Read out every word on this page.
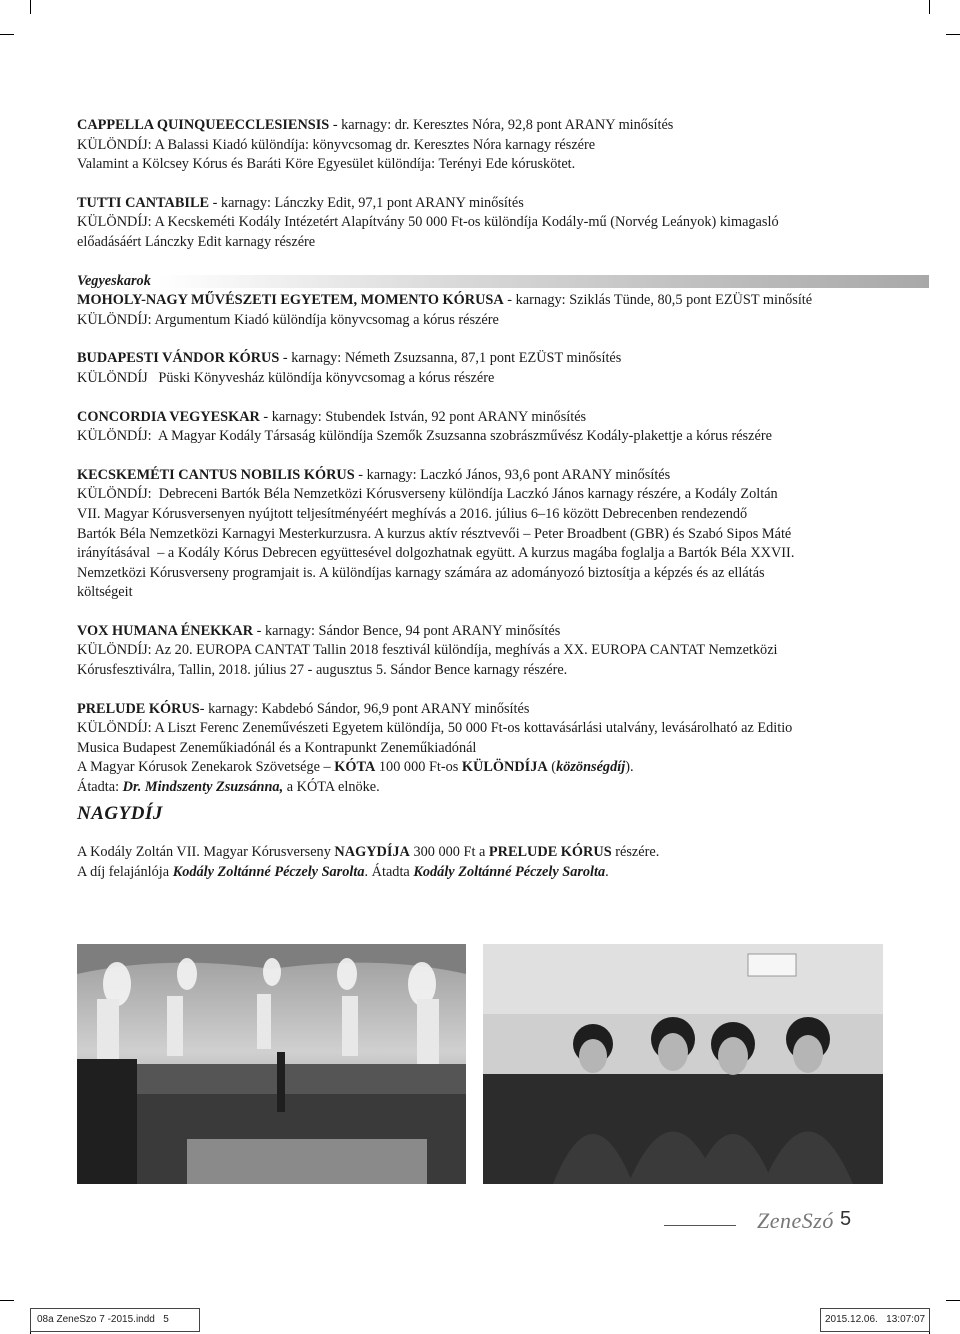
CAPPELLA QUINQUEECCLESIENSIS - karnagy: dr. Keresztes Nóra, 92,8 pont ARANY minősítés

KÜLÖNDÍJ: A Balassi Kiadó különdíja: könyvcsomag dr. Keresztes Nóra karnagy részére

Valamint a Kölcsey Kórus és Baráti Köre Egyesület különdíja: Terényi Ede kóruskötet.

TUTTI CANTABILE - karnagy: Lánczky Edit, 97,1 pont ARANY minősítés

KÜLÖNDÍJ: A Kecskeméti Kodály Intézetért Alapítvány 50 000 Ft-os különdíja Kodály-mű (Norvég Leányok) kimagasló

előadásáért Lánczky Edit karnagy részére

Vegyeskarok

MOHOLY-NAGY MŰVÉSZETI EGYETEM, MOMENTO KÓRUSA - karnagy: Sziklás Tünde, 80,5 pont EZÜST minősíté

KÜLÖNDÍJ: Argumentum Kiadó különdíja könyvcsomag a kórus részére

BUDAPESTI VÁNDOR KÓRUS - karnagy: Németh Zsuzsanna, 87,1 pont EZÜST minősítés

KÜLÖNDÍJ   Püski Könyvesház különdíja könyvcsomag a kórus részére

CONCORDIA VEGYESKAR - karnagy: Stubendek István, 92 pont ARANY minősítés

KÜLÖNDÍJ:  A Magyar Kodály Társaság különdíja Szemők Zsuzsanna szobrászművész Kodály-plakettje a kórus részére

KECSKEMÉTI CANTUS NOBILIS KÓRUS - karnagy: Laczkó János, 93,6 pont ARANY minősítés

KÜLÖNDÍJ:  Debreceni Bartók Béla Nemzetközi Kórusverseny különdíja Laczkó János karnagy részére, a Kodály Zoltán

VII. Magyar Kórusversenyen nyújtott teljesítményéért meghívás a 2016. július 6–16 között Debrecenben rendezendő

Bartók Béla Nemzetközi Karnagyi Mesterkurzusra. A kurzus aktív résztvevői – Peter Broadbent (GBR) és Szabó Sipos Máté

irányításával  – a Kodály Kórus Debrecen együttesével dolgozhatnak együtt. A kurzus magába foglalja a Bartók Béla XXVII.

Nemzetközi Kórusverseny programjait is. A különdíjas karnagy számára az adományozó biztosítja a képzés és az ellátás

költségeit

VOX HUMANA ÉNEKKAR - karnagy: Sándor Bence, 94 pont ARANY minősítés

KÜLÖNDÍJ: Az 20. EUROPA CANTAT Tallin 2018 fesztivál különdíja, meghívás a XX. EUROPA CANTAT Nemzetközi

Kórusfesztiválra, Tallin, 2018. július 27 - augusztus 5. Sándor Bence karnagy részére.

PRELUDE KÓRUS- karnagy: Kabdebó Sándor, 96,9 pont ARANY minősítés

KÜLÖNDÍJ: A Liszt Ferenc Zeneművészeti Egyetem különdíja, 50 000 Ft-os kottavásárlási utalvány, levásárolható az Editio

Musica Budapest Zeneműkiadónál és a Kontrapunkt Zeneműkiadónál

A Magyar Kórusok Zenekarok Szövetsége – KÓTA 100 000 Ft-os KÜLÖNDÍJA (közönségdíj).

Átadta: Dr. Mindszenty Zsuzsánna, a KÓTA elnöke.

NAGYDÍJ

A Kodály Zoltán VII. Magyar Kórusverseny NAGYDÍJA 300 000 Ft a PRELUDE KÓRUS részére.

A díj felajánlója Kodály Zoltánné Péczely Sarolta. Átadta Kodály Zoltánné Péczely Sarolta.

ZeneSzó 5
08a ZeneSzo 7 -2015.indd   5	2015.12.06.   13:07:07
